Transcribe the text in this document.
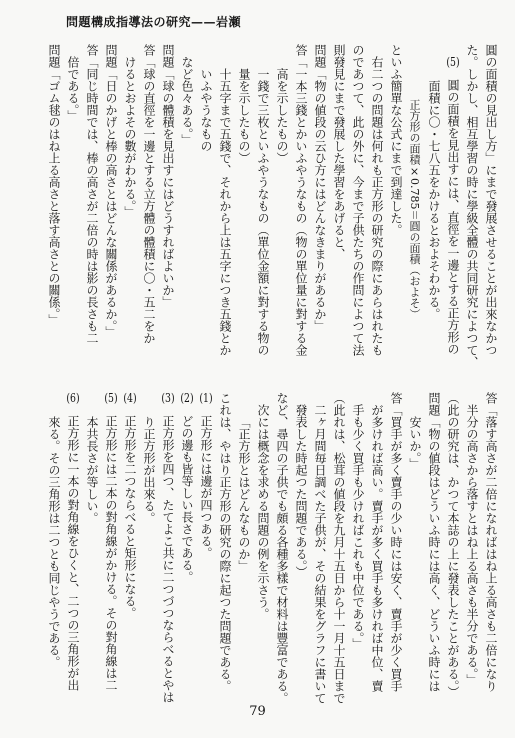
問題構成指導法の研究——岩瀬
圓の面積の見出し方」にまで發展させることが出來なかつ
た。しかし、相互學習の時に學級全體の共同研究によつて、
(5)圓の面積を見出すには、直徑を一邊とする正方形の
面積に〇・七八五をかけるとおよそわかる。
正方形の面積×0.785＝圓の面積（およそ）
といふ簡單な公式にまで到達した。
右二つの問題は何れも正方形の研究の際にあらはれたも
のであつて、此の外に、今まで子供たちの作問によつて法
則發見にまで發展した學習をあげると、
問題「物の値段の云ひ方にはどんなきまりがあるか」
答「一本三錢とかいふやうなもの（物の單位量に對する金
高を示したもの）
一錢で三枚といふやうなもの（單位金額に對する物の
量を示したもの）
十五字まで五錢で、それから上は五字につき五錢とか
いふやうなもの
など色々ある。」
問題「球の體積を見出すにはどうすればよいか」
答「球の直徑を一邊とする立方體の體積に〇・五二をか
けるとおよその數がわかる。」
問題「日のかげと棒の高さとはどんな關係があるか。」
答「同じ時間では、棒の高さが二倍の時は影の長さも二
倍である。」
問題「ゴム毬のはね上る高さと落す高さとの關係。」
答「落す高さが二倍になればはね上る高さも二倍になり
半分の高さから落すとはね上る高さも半分である。」
（此の研究は、かつて本誌の上に發表したことがある。）
問題「物の値段はどういふ時には高く、どういふ時には
安いか。」
答「買手が多く賣手の少い時には安く、賣手が少く買手
が多ければ高い。賣手が多く買手も多ければ中位、賣
手も少く買手も少ければこれも中位である。」
（此れは、松茸の値段を九月十五日から十一月十五日まで
二ヶ月間毎日調べた子供が、その結果をグラフに書いて
發表した時起つた問題である。）
など、尋四の子供でも頗る各種多樣で材料は豐富である。
次には概念を求める問題の例を示さう。
「正方形とはどんなものか」
これは、やはり正方形の研究の際に起つた問題である。
(1)正方形には邊が四つある。
(2)どの邊も皆等しい長さである。
(3)正方形を四つ、たてよこ共に二つづつならべるとやは
り正方形が出來る。
(4)正方形を二つならべると矩形になる。
(5)正方形には二本の對角線がかける。その對角線は二
本共長さが等しい。
(6)正方形に一本の對角線をひくと、二つの三角形が出
來る。その三角形は二つとも同じやうである。
79
